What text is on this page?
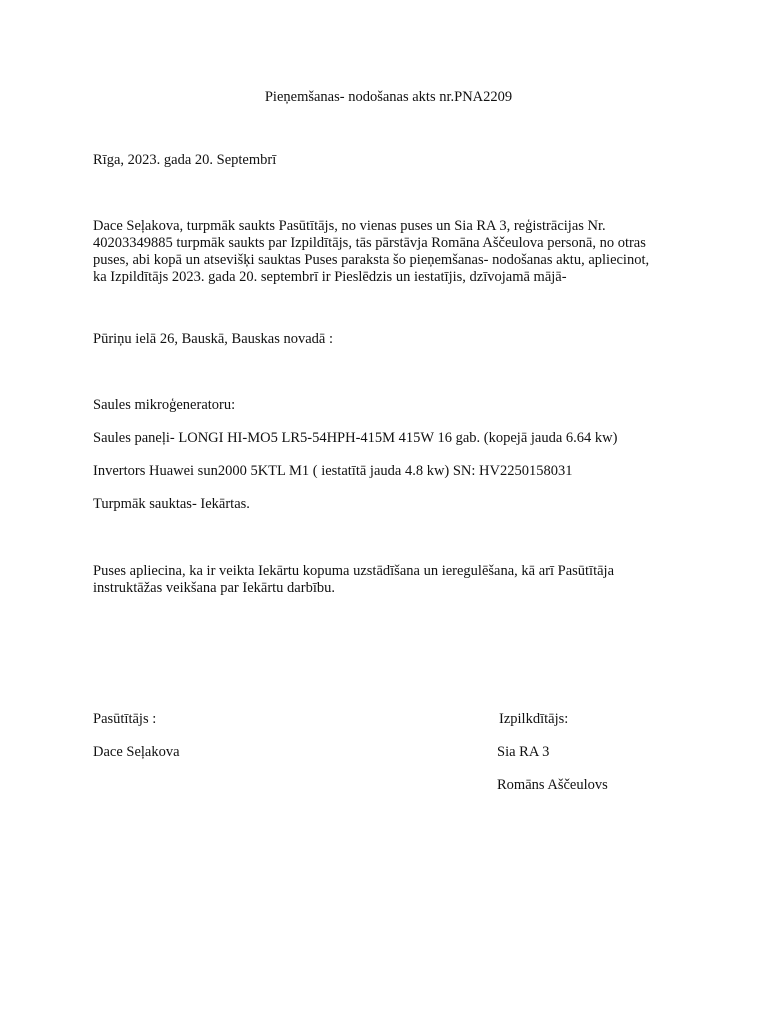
Pieņemšanas- nodošanas akts nr.PNA2209
Rīga, 2023. gada 20. Septembrī
Dace Seļakova, turpmāk saukts Pasūtītājs, no vienas puses un Sia RA 3, reģistrācijas Nr.
40203349885 turpmāk saukts par Izpildītājs, tās pārstāvja Romāna Aščeulova personā, no otras
puses, abi kopā un atsevišķi sauktas Puses paraksta šo pieņemšanas- nodošanas aktu, apliecinot,
ka Izpildītājs 2023. gada 20. septembrī ir Pieslēdzis un iestatījis, dzīvojamā mājā-
Pūriņu ielā 26, Bauskā, Bauskas novadā :
Saules mikroģeneratoru:
Saules paneļi- LONGI HI-MO5 LR5-54HPH-415M 415W 16 gab. (kopejā jauda 6.64 kw)
Invertors Huawei sun2000 5KTL M1 ( iestatītā jauda 4.8 kw) SN: HV2250158031
Turpmāk sauktas- Iekārtas.
Puses apliecina, ka ir veikta Iekārtu kopuma uzstādīšana un ieregulēšana, kā arī Pasūtītāja
instruktāžas veikšana par Iekārtu darbību.
Pasūtītājs :
Dace Seļakova
Izpilkdītājs:
Sia RA 3
Romāns Aščeulovs
